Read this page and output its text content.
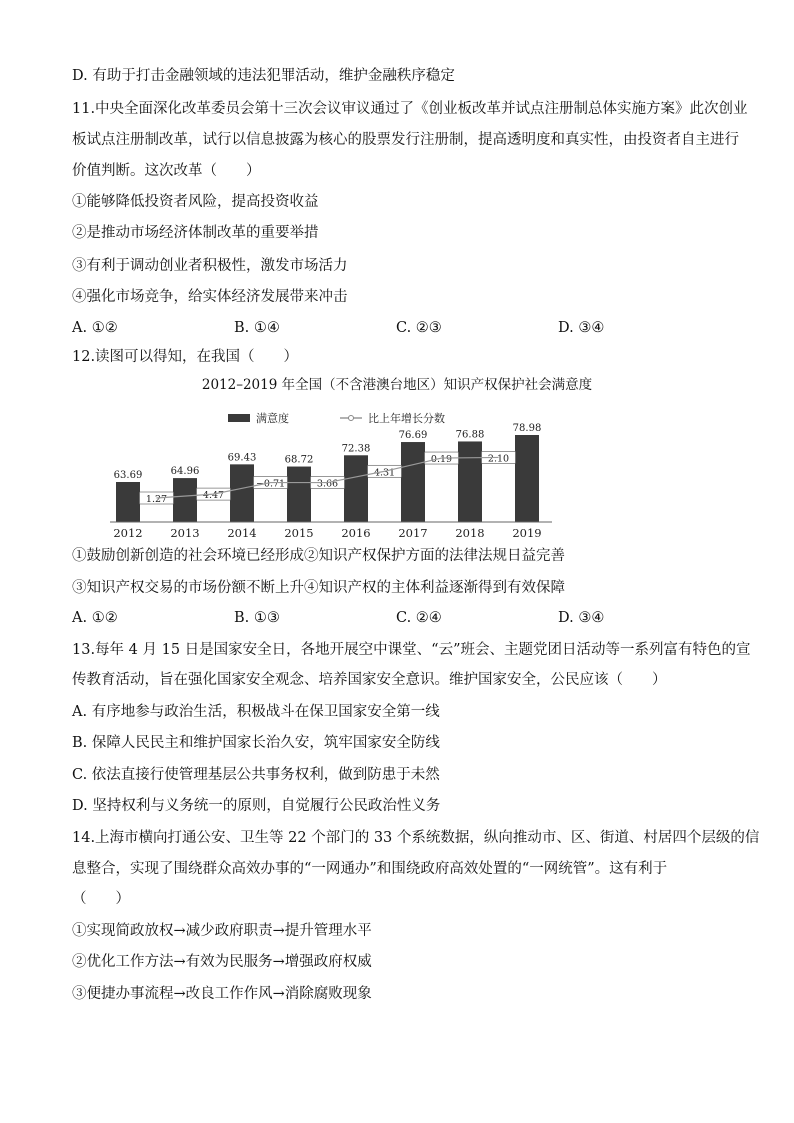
D. 有助于打击金融领域的违法犯罪活动，维护金融秩序稳定
11.中央全面深化改革委员会第十三次会议审议通过了《创业板改革并试点注册制总体实施方案》此次创业
板试点注册制改革，试行以信息披露为核心的股票发行注册制，提高透明度和真实性，由投资者自主进行
价值判断。这次改革（　　）
①能够降低投资者风险，提高投资收益
②是推动市场经济体制改革的重要举措
③有利于调动创业者积极性，激发市场活力
④强化市场竞争，给实体经济发展带来冲击
A. ①②	B. ①④	C. ②③	D. ③④
12.读图可以得知，在我国（　　）
2012–2019 年全国（不含港澳台地区）知识产权保护社会满意度
满意度	比上年增长分数
63.69	64.96
69.43	68.72
72.38
76.69	76.88
78.98
1.27	4.47
−0.71	3.66
4.31
0.19	2.10
2012 2013 2014 2015 2016 2017 2018 2019
①鼓励创新创造的社会环境已经形成②知识产权保护方面的法律法规日益完善
③知识产权交易的市场份额不断上升④知识产权的主体利益逐渐得到有效保障
A. ①②	B. ①③	C. ②④	D. ③④
13.每年 4 月 15 日是国家安全日，各地开展空中课堂、“云”班会、主题党团日活动等一系列富有特色的宣
传教育活动，旨在强化国家安全观念、培养国家安全意识。维护国家安全，公民应该（　　）
A. 有序地参与政治生活，积极战斗在保卫国家安全第一线
B. 保障人民民主和维护国家长治久安，筑牢国家安全防线
C. 依法直接行使管理基层公共事务权利，做到防患于未然
D. 坚持权利与义务统一的原则，自觉履行公民政治性义务
14.上海市横向打通公安、卫生等 22 个部门的 33 个系统数据，纵向推动市、区、街道、村居四个层级的信
息整合，实现了围绕群众高效办事的“一网通办”和围绕政府高效处置的“一网统管”。这有利于
（　　）
①实现简政放权→减少政府职责→提升管理水平
②优化工作方法→有效为民服务→增强政府权威
③便捷办事流程→改良工作作风→消除腐败现象
